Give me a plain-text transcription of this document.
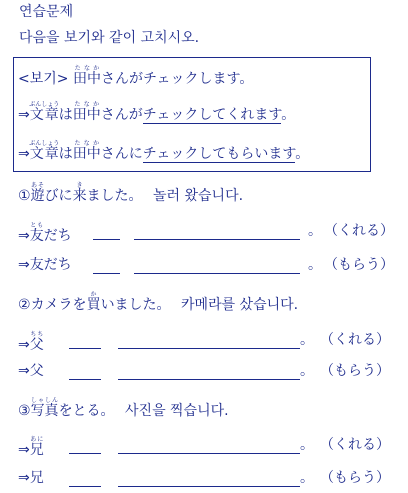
연습문제
다음을 보기와 같이 고치시오.
<보기> 田中たなかさんがチェックします。
⇒文章ぶんしょうは田中たなかさんがチェックしてくれます。
⇒文章ぶんしょうは田中たなかさんにチェックしてもらいます。
①遊あそびに来きました。 놀러 왔습니다.
⇒友ともだち	。 （くれる）
⇒友だち	。 （もらう）
②カメラを買かいました。 카메라를 샀습니다.
⇒父ちち	。 （くれる）
⇒父	。 （もらう）
③写真しゃしんをとる。 사진을 찍습니다.
⇒兄あに	。 （くれる）
⇒兄	。 （もらう）
